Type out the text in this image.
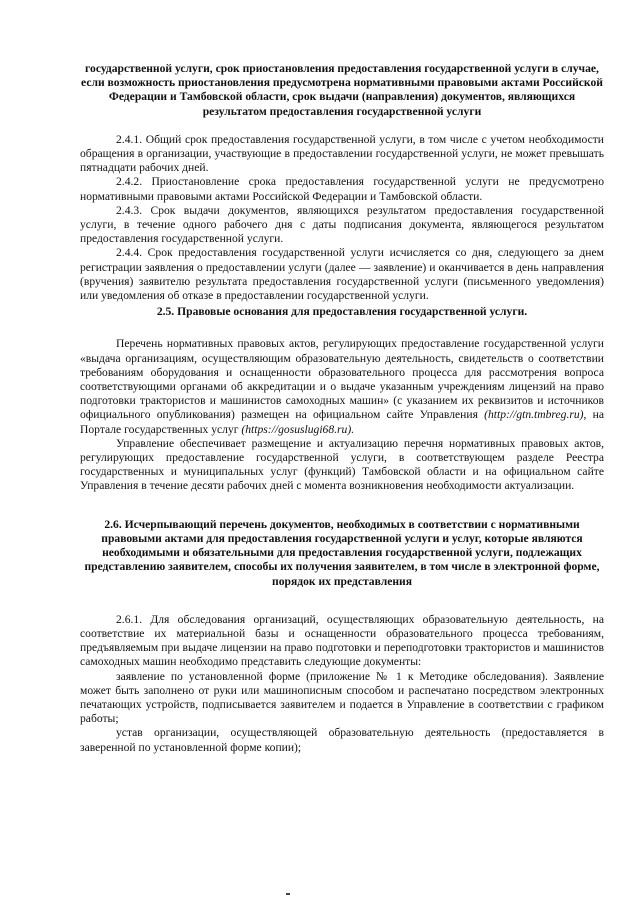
государственной услуги, срок приостановления предоставления государственной услуги в случае, если возможность приостановления предусмотрена нормативными правовыми актами Российской Федерации и Тамбовской области, срок выдачи (направления) документов, являющихся результатом предоставления государственной услуги

2.4.1. Общий срок предоставления государственной услуги, в том числе с учетом необходимости обращения в организации, участвующие в предоставлении государственной услуги, не может превышать пятнадцати рабочих дней.

2.4.2. Приостановление срока предоставления государственной услуги не предусмотрено нормативными правовыми актами Российской Федерации и Тамбовской области.

2.4.3. Срок выдачи документов, являющихся результатом предоставления государственной услуги, в течение одного рабочего дня с даты подписания документа, являющегося результатом предоставления государственной услуги.

2.4.4. Срок предоставления государственной услуги исчисляется со дня, следующего за днем регистрации заявления о предоставлении услуги (далее — заявление) и оканчивается в день направления (вручения) заявителю результата предоставления государственной услуги (письменного уведомления) или уведомления об отказе в предоставлении государственной услуги.

2.5. Правовые основания для предоставления государственной услуги.

Перечень нормативных правовых актов, регулирующих предоставление государственной услуги «выдача организациям, осуществляющим образовательную деятельность, свидетельств о соответствии требованиям оборудования и оснащенности образовательного процесса для рассмотрения вопроса соответствующими органами об аккредитации и о выдаче указанным учреждениям лицензий на право подготовки трактористов и машинистов самоходных машин» (с указанием их реквизитов и источников официального опубликования) размещен на официальном сайте Управления (http://gtn.tmbreg.ru), на Портале государственных услуг (https://gosuslugi68.ru).

Управление обеспечивает размещение и актуализацию перечня нормативных правовых актов, регулирующих предоставление государственной услуги, в соответствующем разделе Реестра государственных и муниципальных услуг (функций) Тамбовской области и на официальном сайте Управления в течение десяти рабочих дней с момента возникновения необходимости актуализации.

2.6. Исчерпывающий перечень документов, необходимых в соответствии с нормативными правовыми актами для предоставления государственной услуги и услуг, которые являются необходимыми и обязательными для предоставления государственной услуги, подлежащих представлению заявителем, способы их получения заявителем, в том числе в электронной форме, порядок их представления

2.6.1. Для обследования организаций, осуществляющих образовательную деятельность, на соответствие их материальной базы и оснащенности образовательного процесса требованиям, предъявляемым при выдаче лицензии на право подготовки и переподготовки трактористов и машинистов самоходных машин необходимо представить следующие документы:

заявление по установленной форме (приложение № 1 к Методике обследования). Заявление может быть заполнено от руки или машинописным способом и распечатано посредством электронных печатающих устройств, подписывается заявителем и подается в Управление в соответствии с графиком работы;

устав организации, осуществляющей образовательную деятельность (предоставляется в заверенной по установленной форме копии);
